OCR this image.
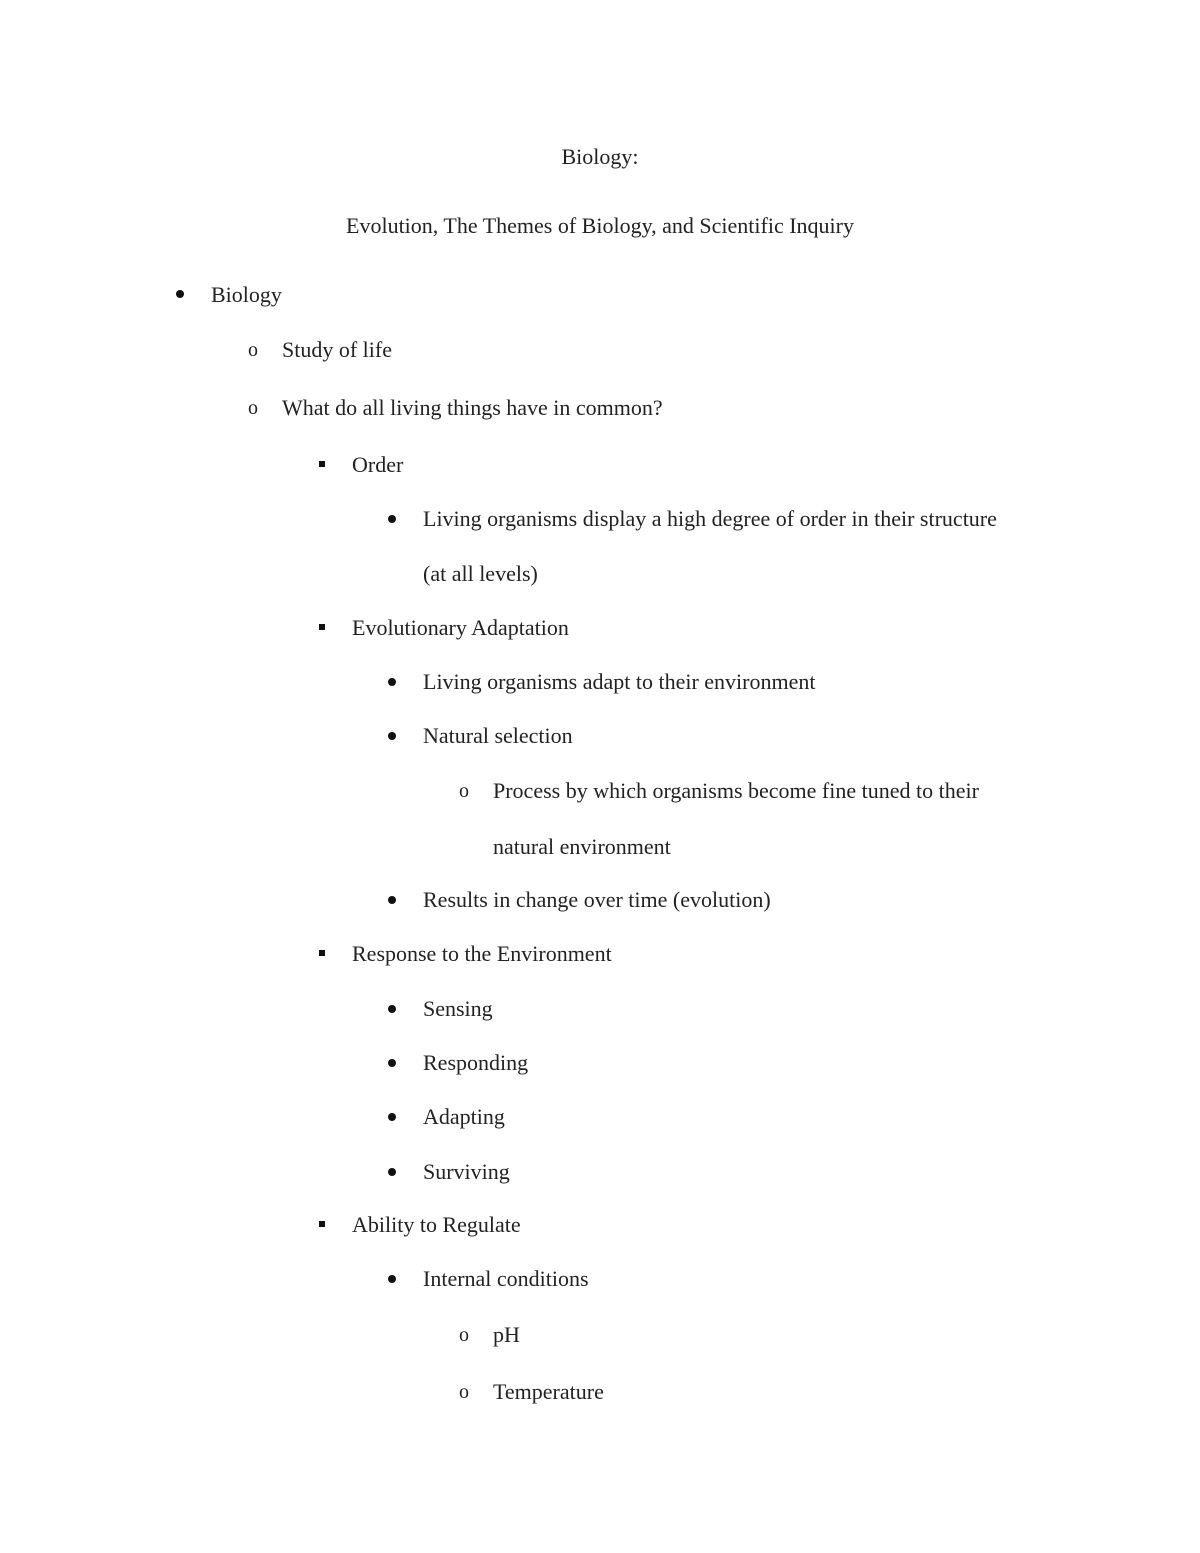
Biology:
Evolution, The Themes of Biology, and Scientific Inquiry
Biology
o Study of life
o What do all living things have in common?
Order
Living organisms display a high degree of order in their structure
(at all levels)
Evolutionary Adaptation
Living organisms adapt to their environment
Natural selection
o Process by which organisms become fine tuned to their
natural environment
Results in change over time (evolution)
Response to the Environment
Sensing
Responding
Adapting
Surviving
Ability to Regulate
Internal conditions
o pH
o Temperature
